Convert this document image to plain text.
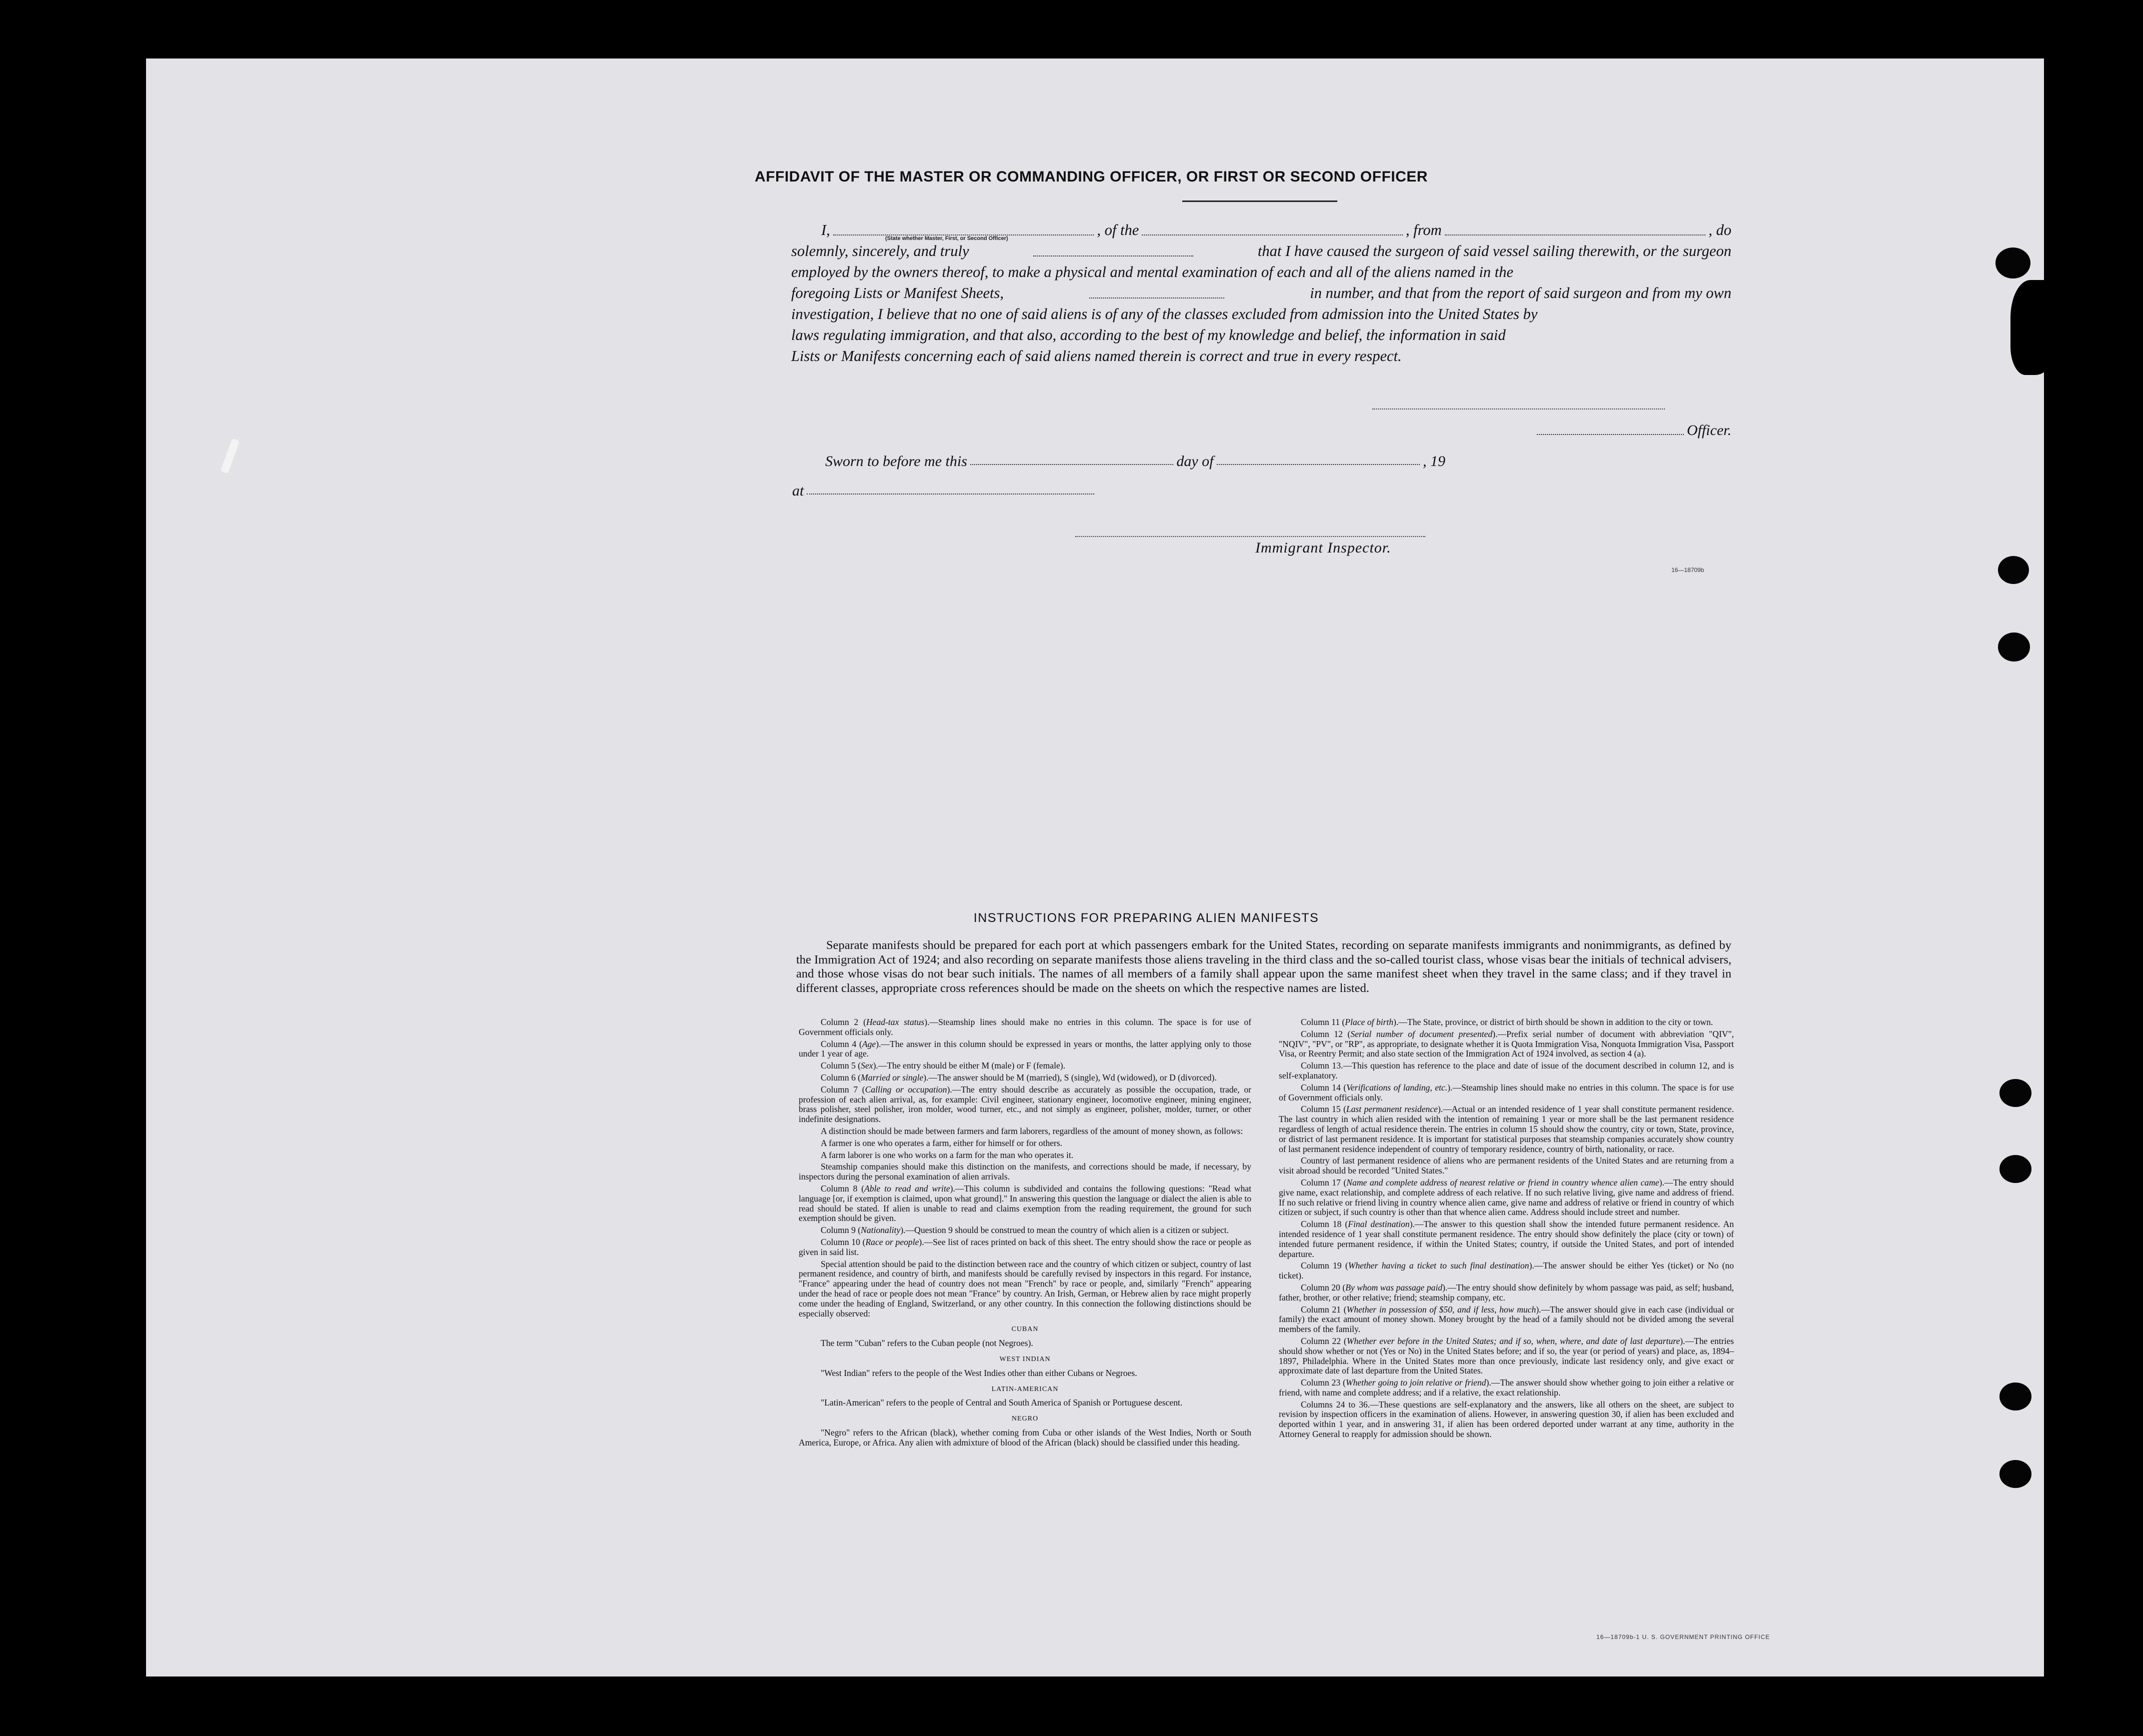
AFFIDAVIT OF THE MASTER OR COMMANDING OFFICER, OR FIRST OR SECOND OFFICER
I,	, of the	, from	, do
solemnly, sincerely, and truly	that I have caused the surgeon of said vessel sailing therewith, or the surgeon
employed by the owners thereof, to make a physical and mental examination of each and all of the aliens named in the
foregoing Lists or Manifest Sheets,	in number, and that from the report of said surgeon and from my own
investigation, I believe that no one of said aliens is of any of the classes excluded from admission into the United States by
laws regulating immigration, and that also, according to the best of my knowledge and belief, the information in said
Lists or Manifests concerning each of said aliens named therein is correct and true in every respect.
(State whether Master, First, or Second Officer)
Officer.
Sworn to before me this	day of	, 19
at
Immigrant Inspector.
16—18709b
INSTRUCTIONS FOR PREPARING ALIEN MANIFESTS
Separate manifests should be prepared for each port at which passengers embark for the United States, recording on separate manifests immigrants and nonimmigrants, as defined by the Immigration Act of 1924; and also recording on separate manifests those aliens traveling in the third class and the so-called tourist class, whose visas bear the initials of technical advisers, and those whose visas do not bear such initials. The names of all members of a family shall appear upon the same manifest sheet when they travel in the same class; and if they travel in different classes, appropriate cross references should be made on the sheets on which the respective names are listed.

Column 2 (Head-tax status).—Steamship lines should make no entries in this column. The space is for use of Government officials only.

Column 4 (Age).—The answer in this column should be expressed in years or months, the latter applying only to those under 1 year of age.

Column 5 (Sex).—The entry should be either M (male) or F (female).

Column 6 (Married or single).—The answer should be M (married), S (single), Wd (widowed), or D (divorced).

Column 7 (Calling or occupation).—The entry should describe as accurately as possible the occupation, trade, or profession of each alien arrival, as, for example: Civil engineer, stationary engineer, locomotive engineer, mining engineer, brass polisher, steel polisher, iron molder, wood turner, etc., and not simply as engineer, polisher, molder, turner, or other indefinite designations.

A distinction should be made between farmers and farm laborers, regardless of the amount of money shown, as follows:

A farmer is one who operates a farm, either for himself or for others.

A farm laborer is one who works on a farm for the man who operates it.

Steamship companies should make this distinction on the manifests, and corrections should be made, if necessary, by inspectors during the personal examination of alien arrivals.

Column 8 (Able to read and write).—This column is subdivided and contains the following questions: "Read what language [or, if exemption is claimed, upon what ground]." In answering this question the language or dialect the alien is able to read should be stated. If alien is unable to read and claims exemption from the reading requirement, the ground for such exemption should be given.

Column 9 (Nationality).—Question 9 should be construed to mean the country of which alien is a citizen or subject.

Column 10 (Race or people).—See list of races printed on back of this sheet. The entry should show the race or people as given in said list.

Special attention should be paid to the distinction between race and the country of which citizen or subject, country of last permanent residence, and country of birth, and manifests should be carefully revised by inspectors in this regard. For instance, "France" appearing under the head of country does not mean "French" by race or people, and, similarly "French" appearing under the head of race or people does not mean "France" by country. An Irish, German, or Hebrew alien by race might properly come under the heading of England, Switzerland, or any other country. In this connection the following distinctions should be especially observed:

CUBAN

The term "Cuban" refers to the Cuban people (not Negroes).

WEST INDIAN

"West Indian" refers to the people of the West Indies other than either Cubans or Negroes.

LATIN-AMERICAN

"Latin-American" refers to the people of Central and South America of Spanish or Portuguese descent.

NEGRO

"Negro" refers to the African (black), whether coming from Cuba or other islands of the West Indies, North or South America, Europe, or Africa. Any alien with admixture of blood of the African (black) should be classified under this heading.

Column 11 (Place of birth).—The State, province, or district of birth should be shown in addition to the city or town.

Column 12 (Serial number of document presented).—Prefix serial number of document with abbreviation "QIV", "NQIV", "PV", or "RP", as appropriate, to designate whether it is Quota Immigration Visa, Nonquota Immigration Visa, Passport Visa, or Reentry Permit; and also state section of the Immigration Act of 1924 involved, as section 4 (a).

Column 13.—This question has reference to the place and date of issue of the document described in column 12, and is self-explanatory.

Column 14 (Verifications of landing, etc.).—Steamship lines should make no entries in this column. The space is for use of Government officials only.

Column 15 (Last permanent residence).—Actual or an intended residence of 1 year shall constitute permanent residence. The last country in which alien resided with the intention of remaining 1 year or more shall be the last permanent residence regardless of length of actual residence therein. The entries in column 15 should show the country, city or town, State, province, or district of last permanent residence. It is important for statistical purposes that steamship companies accurately show country of last permanent residence independent of country of temporary residence, country of birth, nationality, or race.

Country of last permanent residence of aliens who are permanent residents of the United States and are returning from a visit abroad should be recorded "United States."

Column 17 (Name and complete address of nearest relative or friend in country whence alien came).—The entry should give name, exact relationship, and complete address of each relative. If no such relative living, give name and address of friend. If no such relative or friend living in country whence alien came, give name and address of relative or friend in country of which citizen or subject, if such country is other than that whence alien came. Address should include street and number.

Column 18 (Final destination).—The answer to this question shall show the intended future permanent residence. An intended residence of 1 year shall constitute permanent residence. The entry should show definitely the place (city or town) of intended future permanent residence, if within the United States; country, if outside the United States, and port of intended departure.

Column 19 (Whether having a ticket to such final destination).—The answer should be either Yes (ticket) or No (no ticket).

Column 20 (By whom was passage paid).—The entry should show definitely by whom passage was paid, as self; husband, father, brother, or other relative; friend; steamship company, etc.

Column 21 (Whether in possession of $50, and if less, how much).—The answer should give in each case (individual or family) the exact amount of money shown. Money brought by the head of a family should not be divided among the several members of the family.

Column 22 (Whether ever before in the United States; and if so, when, where, and date of last departure).—The entries should show whether or not (Yes or No) in the United States before; and if so, the year (or period of years) and place, as, 1894–1897, Philadelphia. Where in the United States more than once previously, indicate last residency only, and give exact or approximate date of last departure from the United States.

Column 23 (Whether going to join relative or friend).—The answer should show whether going to join either a relative or friend, with name and complete address; and if a relative, the exact relationship.

Columns 24 to 36.—These questions are self-explanatory and the answers, like all others on the sheet, are subject to revision by inspection officers in the examination of aliens. However, in answering question 30, if alien has been excluded and deported within 1 year, and in answering 31, if alien has been ordered deported under warrant at any time, authority in the Attorney General to reapply for admission should be shown.

16—18709b-1 U. S. GOVERNMENT PRINTING OFFICE
